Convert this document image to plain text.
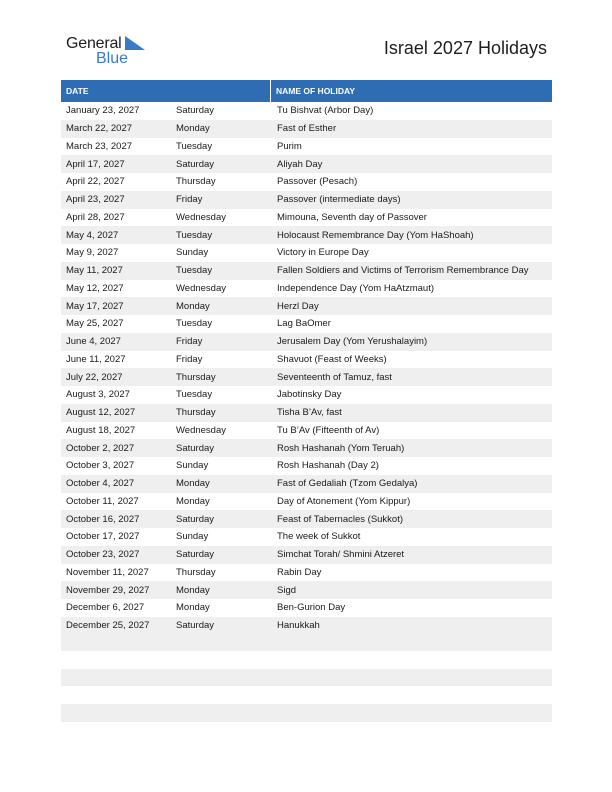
General
Blue
Israel 2027 Holidays
DATE	NAME OF HOLIDAY
January 23, 2027	Saturday	Tu Bishvat (Arbor Day)
March 22, 2027	Monday	Fast of Esther
March 23, 2027	Tuesday	Purim
April 17, 2027	Saturday	Aliyah Day
April 22, 2027	Thursday	Passover (Pesach)
April 23, 2027	Friday	Passover (intermediate days)
April 28, 2027	Wednesday	Mimouna, Seventh day of Passover
May 4, 2027	Tuesday	Holocaust Remembrance Day (Yom HaShoah)
May 9, 2027	Sunday	Victory in Europe Day
May 11, 2027	Tuesday	Fallen Soldiers and Victims of Terrorism Remembrance Day
May 12, 2027	Wednesday	Independence Day (Yom HaAtzmaut)
May 17, 2027	Monday	Herzl Day
May 25, 2027	Tuesday	Lag BaOmer
June 4, 2027	Friday	Jerusalem Day (Yom Yerushalayim)
June 11, 2027	Friday	Shavuot (Feast of Weeks)
July 22, 2027	Thursday	Seventeenth of Tamuz, fast
August 3, 2027	Tuesday	Jabotinsky Day
August 12, 2027	Thursday	Tisha B’Av, fast
August 18, 2027	Wednesday	Tu B’Av (Fifteenth of Av)
October 2, 2027	Saturday	Rosh Hashanah (Yom Teruah)
October 3, 2027	Sunday	Rosh Hashanah (Day 2)
October 4, 2027	Monday	Fast of Gedaliah (Tzom Gedalya)
October 11, 2027	Monday	Day of Atonement (Yom Kippur)
October 16, 2027	Saturday	Feast of Tabernacles (Sukkot)
October 17, 2027	Sunday	The week of Sukkot
October 23, 2027	Saturday	Simchat Torah/ Shmini Atzeret
November 11, 2027	Thursday	Rabin Day
November 29, 2027	Monday	Sigd
December 6, 2027	Monday	Ben-Gurion Day
December 25, 2027	Saturday	Hanukkah
